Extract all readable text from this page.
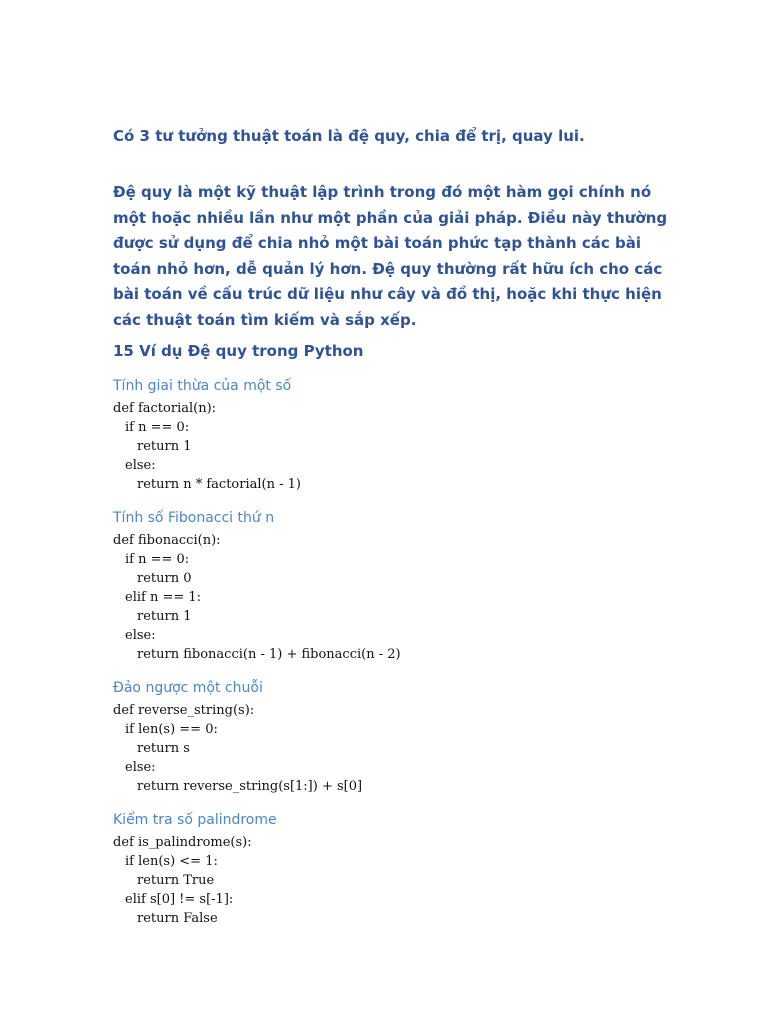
Có 3 tư tưởng thuật toán là đệ quy, chia để trị, quay lui.

Đệ quy là một kỹ thuật lập trình trong đó một hàm gọi chính nó một hoặc nhiều lần như một phần của giải pháp. Điều này thường được sử dụng để chia nhỏ một bài toán phức tạp thành các bài toán nhỏ hơn, dễ quản lý hơn. Đệ quy thường rất hữu ích cho các bài toán về cấu trúc dữ liệu như cây và đồ thị, hoặc khi thực hiện các thuật toán tìm kiếm và sắp xếp.

15 Ví dụ Đệ quy trong Python

Tính giai thừa của một số
def factorial(n):
if n == 0:
return 1
else:
return n * factorial(n - 1)
Tính số Fibonacci thứ n
def fibonacci(n):
if n == 0:
return 0
elif n == 1:
return 1
else:
return fibonacci(n - 1) + fibonacci(n - 2)
Đảo ngược một chuỗi
def reverse_string(s):
if len(s) == 0:
return s
else:
return reverse_string(s[1:]) + s[0]
Kiểm tra số palindrome
def is_palindrome(s):
if len(s) <= 1:
return True
elif s[0] != s[-1]:
return False
